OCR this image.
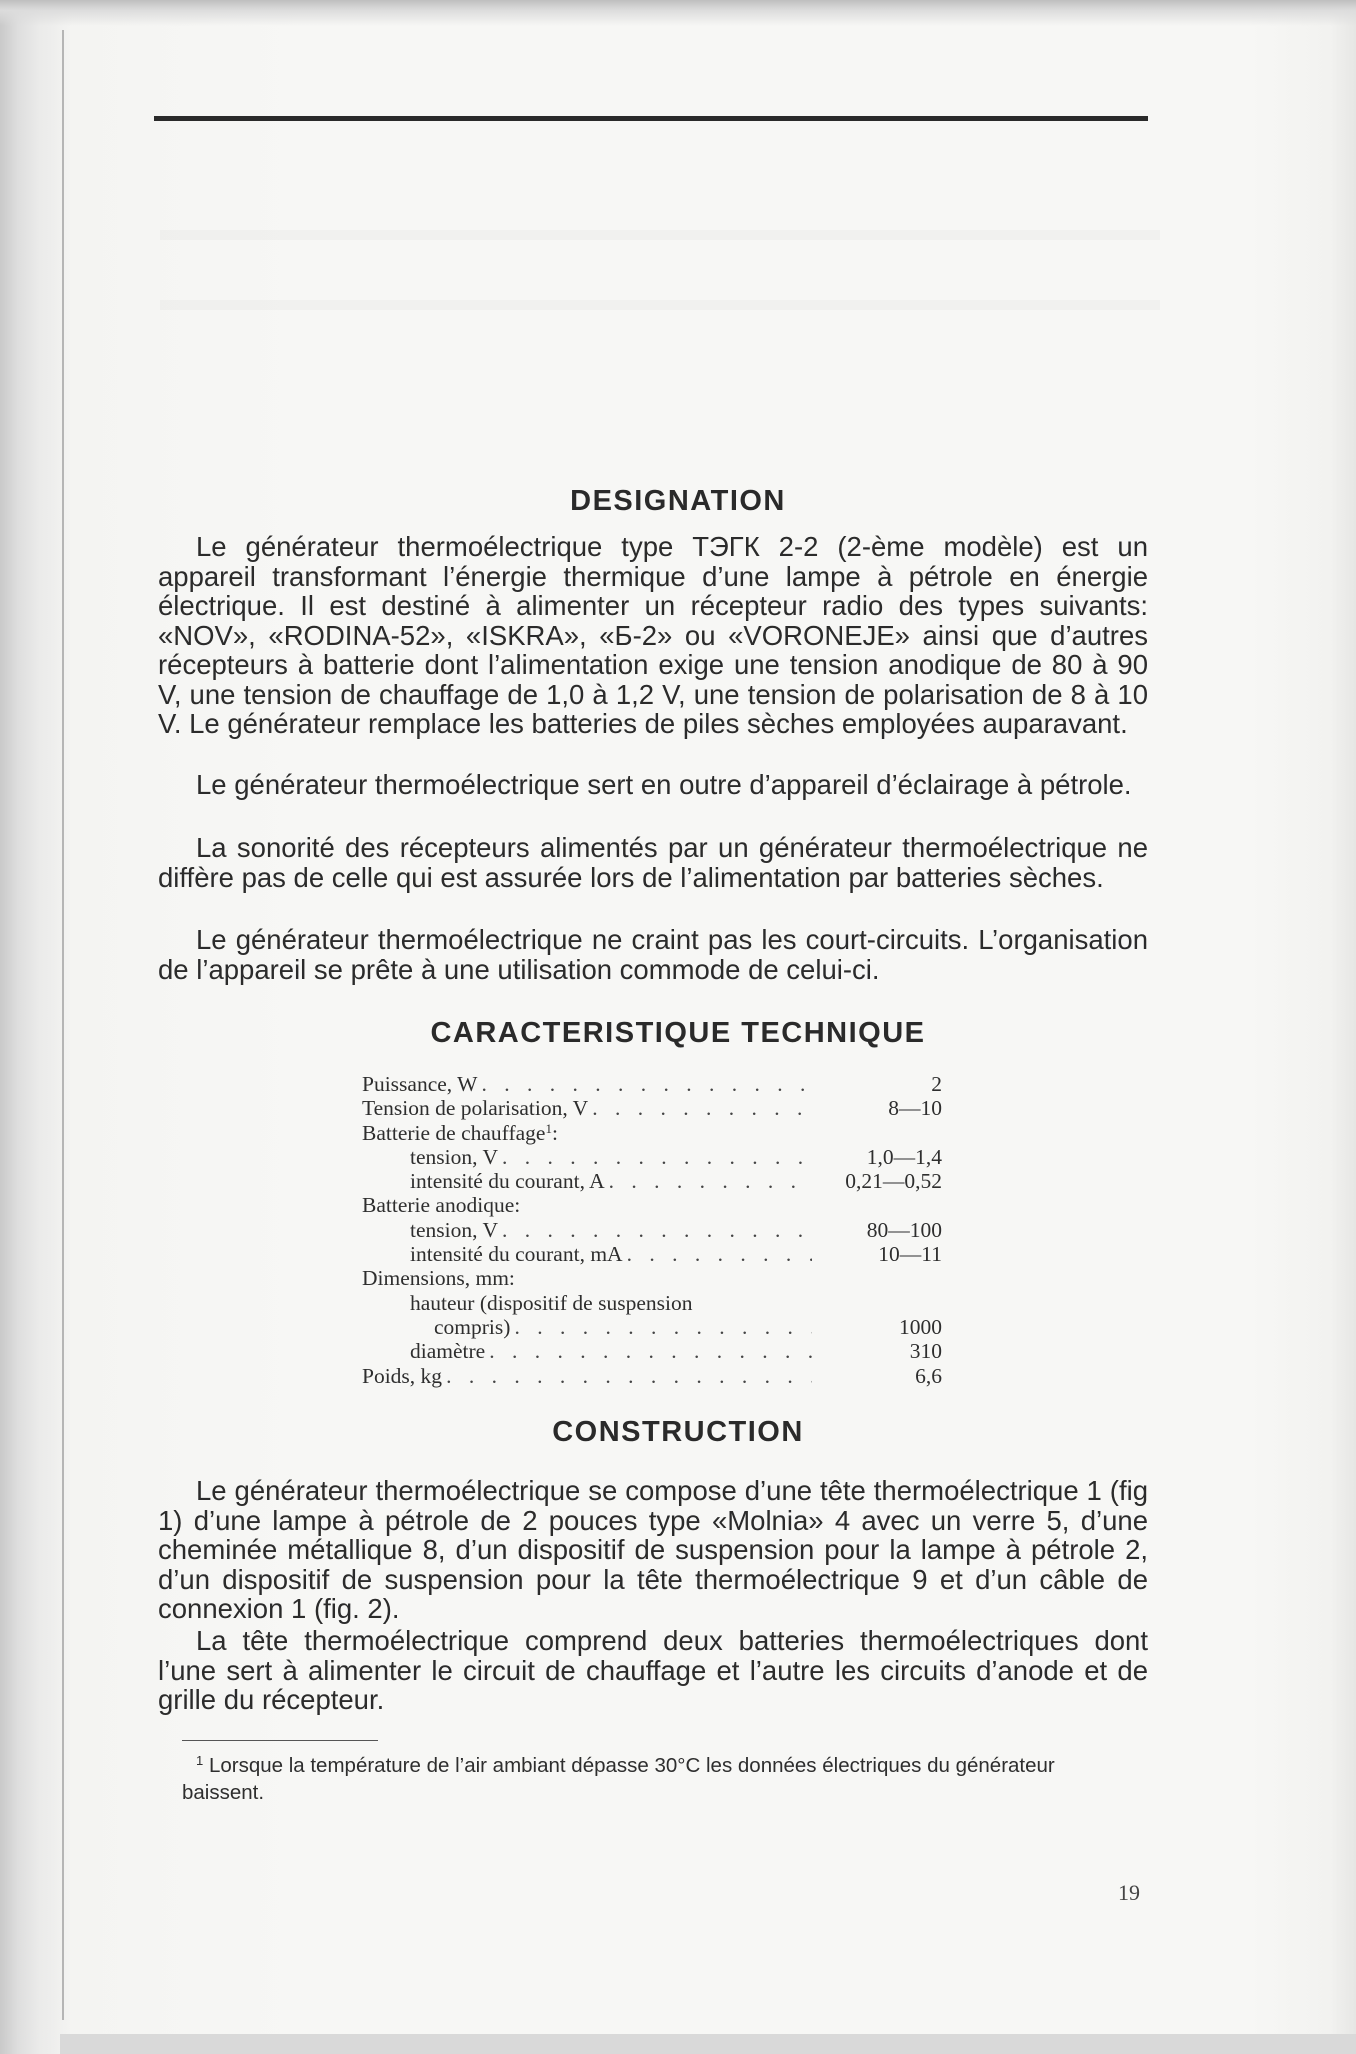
DESIGNATION
Le générateur thermoélectrique type ТЭГК 2-2 (2-ème modèle) est un appareil transformant l’énergie thermique d’une lampe à pétrole en énergie électrique. Il est destiné à alimenter un récepteur radio des types suivants: «NOV», «RODINA-52», «ISKRA», «Б-2» ou «VORONEJE» ainsi que d’autres récepteurs à batterie dont l’alimentation exige une tension anodique de 80 à 90 V, une tension de chauffage de 1,0 à 1,2 V, une tension de polarisation de 8 à 10 V. Le générateur remplace les batteries de piles sèches employées auparavant.
Le générateur thermoélectrique sert en outre d’appareil d’éclairage à pétrole.
La sonorité des récepteurs alimentés par un générateur thermoélectrique ne diffère pas de celle qui est assurée lors de l’alimentation par batteries sèches.
Le générateur thermoélectrique ne craint pas les court-circuits. L’organisation de l’appareil se prête à une utilisation commode de celui-ci.
CARACTERISTIQUE TECHNIQUE
Puissance, W . . .	2
Tension de polarisation, V . . .	8—10
Batterie de chauffage$^1$:
tension, V . . .	1,0—1,4
intensité du courant, A . . .	0,21—0,52
Batterie anodique:
tension, V . . .	80—100
intensité du courant, mA . . .	10—11
Dimensions, mm:
hauteur (dispositif de suspension
compris) . . .	1000
diamètre . . .	310
Poids, kg . . .	6,6
CONSTRUCTION
Le générateur thermoélectrique se compose d’une tête thermoélectrique 1 (fig 1) d’une lampe à pétrole de 2 pouces type «Molnia» 4 avec un verre 5, d’une cheminée métallique 8, d’un dispositif de suspension pour la lampe à pétrole 2, d’un dispositif de suspension pour la tête thermoélectrique 9 et d’un câble de connexion 1 (fig. 2).
La tête thermoélectrique comprend deux batteries thermoélectriques dont l’une sert à alimenter le circuit de chauffage et l’autre les circuits d’anode et de grille du récepteur.
$^1$ Lorsque la température de l’air ambiant dépasse 30°C les données électriques du générateur baissent.
19
